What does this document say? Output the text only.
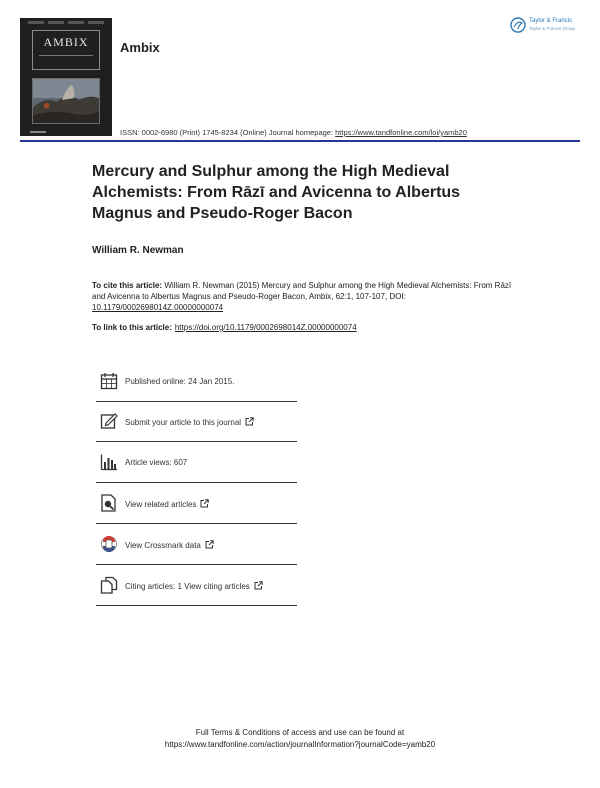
AMBIX	Ambix
ISSN: 0002-6980 (Print) 1745-8234 (Online) Journal homepage: https://www.tandfonline.com/loi/yamb20
Taylor & Francis
Taylor & Francis Group
Mercury and Sulphur among the High Medieval Alchemists: From Rāzī and Avicenna to Albertus Magnus and Pseudo-Roger Bacon
William R. Newman
To cite this article: William R. Newman (2015) Mercury and Sulphur among the High Medieval Alchemists: From Rāzī and Avicenna to Albertus Magnus and Pseudo-Roger Bacon, Ambix, 62:1, 107-107, DOI: 10.1179/0002698014Z.00000000074
To link to this article: https://doi.org/10.1179/0002698014Z.00000000074
Published online: 24 Jan 2015.
Submit your article to this journal
Article views: 607
View related articles
View Crossmark data
Citing articles: 1 View citing articles
Full Terms & Conditions of access and use can be found at
https://www.tandfonline.com/action/journalInformation?journalCode=yamb20
